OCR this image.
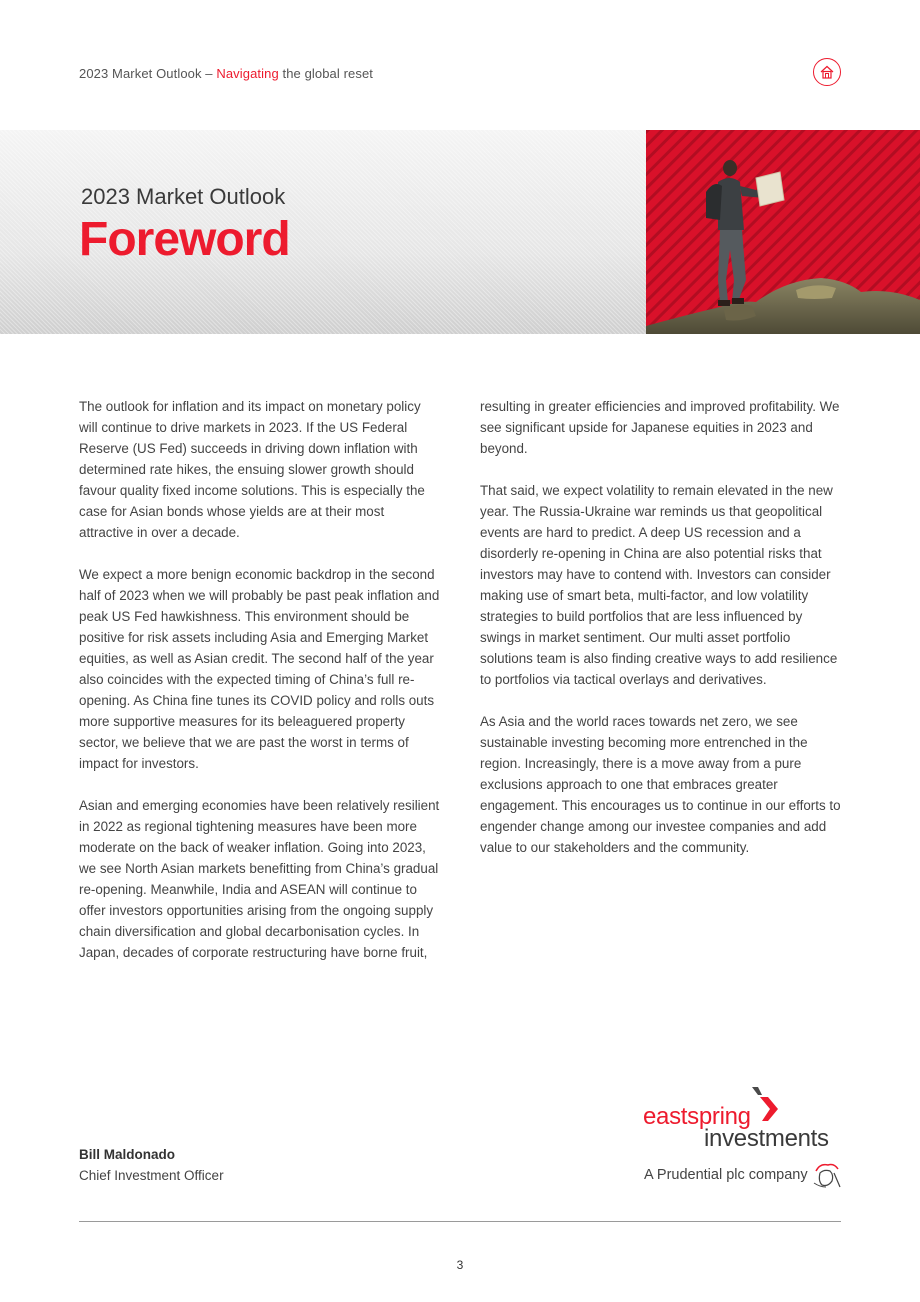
2023 Market Outlook – Navigating the global reset
2023 Market Outlook
Foreword

The outlook for inflation and its impact on monetary policy will continue to drive markets in 2023. If the US Federal Reserve (US Fed) succeeds in driving down inflation with determined rate hikes, the ensuing slower growth should favour quality fixed income solutions. This is especially the case for Asian bonds whose yields are at their most attractive in over a decade.

We expect a more benign economic backdrop in the second half of 2023 when we will probably be past peak inflation and peak US Fed hawkishness. This environment should be positive for risk assets including Asia and Emerging Market equities, as well as Asian credit. The second half of the year also coincides with the expected timing of China’s full re-opening. As China fine tunes its COVID policy and rolls outs more supportive measures for its beleaguered property sector, we believe that we are past the worst in terms of impact for investors.

Asian and emerging economies have been relatively resilient in 2022 as regional tightening measures have been more moderate on the back of weaker inflation. Going into 2023, we see North Asian markets benefitting from China’s gradual re-opening. Meanwhile, India and ASEAN will continue to offer investors opportunities arising from the ongoing supply chain diversification and global decarbonisation cycles. In Japan, decades of corporate restructuring have borne fruit,

resulting in greater efficiencies and improved profitability. We see significant upside for Japanese equities in 2023 and beyond.

That said, we expect volatility to remain elevated in the new year. The Russia-Ukraine war reminds us that geopolitical events are hard to predict. A deep US recession and a disorderly re-opening in China are also potential risks that investors may have to contend with. Investors can consider making use of smart beta, multi-factor, and low volatility strategies to build portfolios that are less influenced by swings in market sentiment. Our multi asset portfolio solutions team is also finding creative ways to add resilience to portfolios via tactical overlays and derivatives.

As Asia and the world races towards net zero, we see sustainable investing becoming more entrenched in the region. Increasingly, there is a move away from a pure exclusions approach to one that embraces greater engagement. This encourages us to continue in our efforts to engender change among our investee companies and add value to our stakeholders and the community.

Bill Maldonado
Chief Investment Officer
eastspring
investments
A Prudential plc company
3
